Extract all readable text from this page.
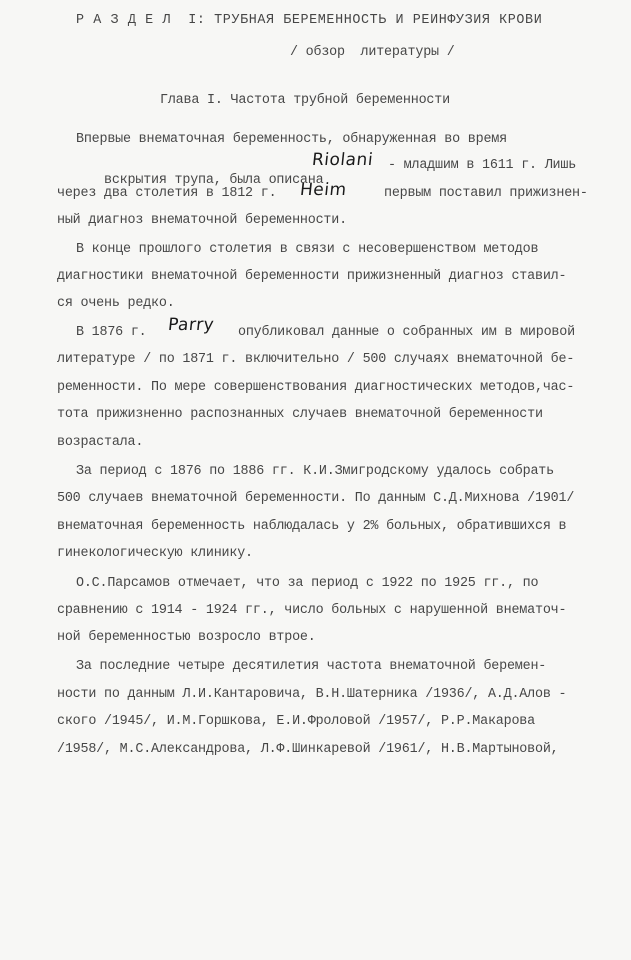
Р А З Д Е Л  I: ТРУБНАЯ БЕРЕМЕННОСТЬ И РЕИНФУЗИЯ КРОВИ
/ обзор  литературы /
Глава I. Частота трубной беременности
Впервые внематочная беременность, обнаруженная во время

вскрытия трупа, была описана

Riolani - младшим в 1611 г. Лишь
через два столетия в 1812 г. Heim	первым поставил прижизнен-
ный диагноз внематочной беременности.
В конце прошлого столетия в связи с несовершенством методов
диагностики внематочной беременности прижизненный диагноз ставил-
ся очень редко.
В 1876 г. Parry опубликовал данные о собранных им в мировой
литературе / по 1871 г. включительно / 500 случаях внематочной бе-
ременности. По мере совершенствования диагностических методов,час-
тота прижизненно распознанных случаев внематочной беременности
возрастала.
За период с 1876 по 1886 гг. К.И.Змигродскому удалось собрать
500 случаев внематочной беременности. По данным С.Д.Михнова /1901/
внематочная беременность наблюдалась у 2% больных, обратившихся в
гинекологическую клинику.
О.С.Парсамов отмечает, что за период с 1922 по 1925 гг., по
сравнению с 1914 - 1924 гг., число больных с нарушенной внематоч-
ной беременностью возросло втрое.
За последние четыре десятилетия частота внематочной беремен-
ности по данным Л.И.Кантаровича, В.Н.Шатерника /1936/, А.Д.Алов -
ского /1945/, И.М.Горшкова, Е.И.Фроловой /1957/, Р.Р.Макарова
/1958/, М.С.Александрова, Л.Ф.Шинкаревой /1961/, Н.В.Мартыновой,
